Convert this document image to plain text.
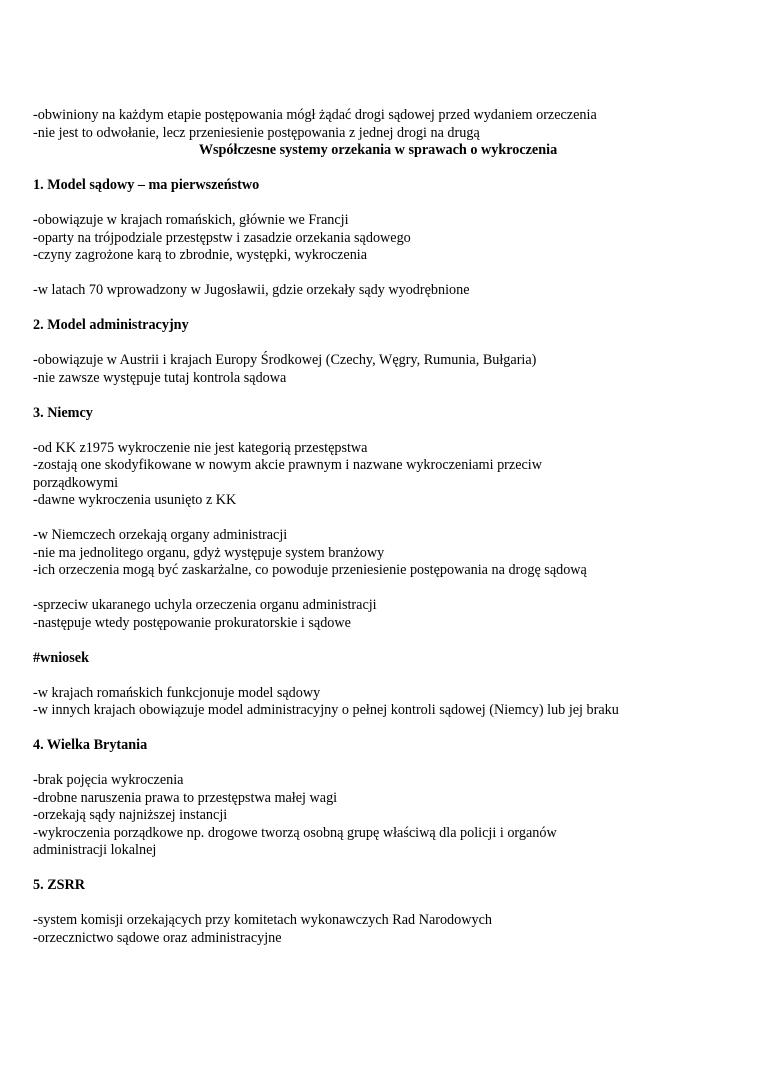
-obwiniony na każdym etapie postępowania mógł żądać drogi sądowej przed wydaniem orzeczenia

-nie jest to odwołanie, lecz przeniesienie postępowania z jednej drogi na drugą

Współczesne systemy orzekania w sprawach o wykroczenia

1. Model sądowy – ma pierwszeństwo

-obowiązuje w krajach romańskich, głównie we Francji

-oparty na trójpodziale przestępstw i zasadzie orzekania sądowego

-czyny zagrożone karą to zbrodnie, występki, wykroczenia

-w latach 70 wprowadzony w Jugosławii, gdzie orzekały sądy wyodrębnione

2. Model administracyjny

-obowiązuje w Austrii i krajach Europy Środkowej (Czechy, Węgry, Rumunia, Bułgaria)

-nie zawsze występuje tutaj kontrola sądowa

3. Niemcy

-od KK z1975 wykroczenie nie jest kategorią przestępstwa

-zostają one skodyfikowane w nowym akcie prawnym i nazwane wykroczeniami przeciw porządkowymi

-dawne wykroczenia usunięto z KK

-w Niemczech orzekają organy administracji

-nie ma jednolitego organu, gdyż występuje system branżowy

-ich orzeczenia mogą być zaskarżalne, co powoduje przeniesienie postępowania na drogę sądową

-sprzeciw ukaranego uchyla orzeczenia organu administracji

-następuje wtedy postępowanie prokuratorskie i sądowe

#wniosek

-w krajach romańskich funkcjonuje model sądowy

-w innych krajach obowiązuje model administracyjny o pełnej kontroli sądowej (Niemcy) lub jej braku

4. Wielka Brytania

-brak pojęcia wykroczenia

-drobne naruszenia prawa to przestępstwa małej wagi

-orzekają sądy najniższej instancji

-wykroczenia porządkowe np. drogowe tworzą osobną grupę właściwą dla policji i organów administracji lokalnej

5. ZSRR

-system komisji orzekających przy komitetach wykonawczych Rad Narodowych

-orzecznictwo sądowe oraz administracyjne
